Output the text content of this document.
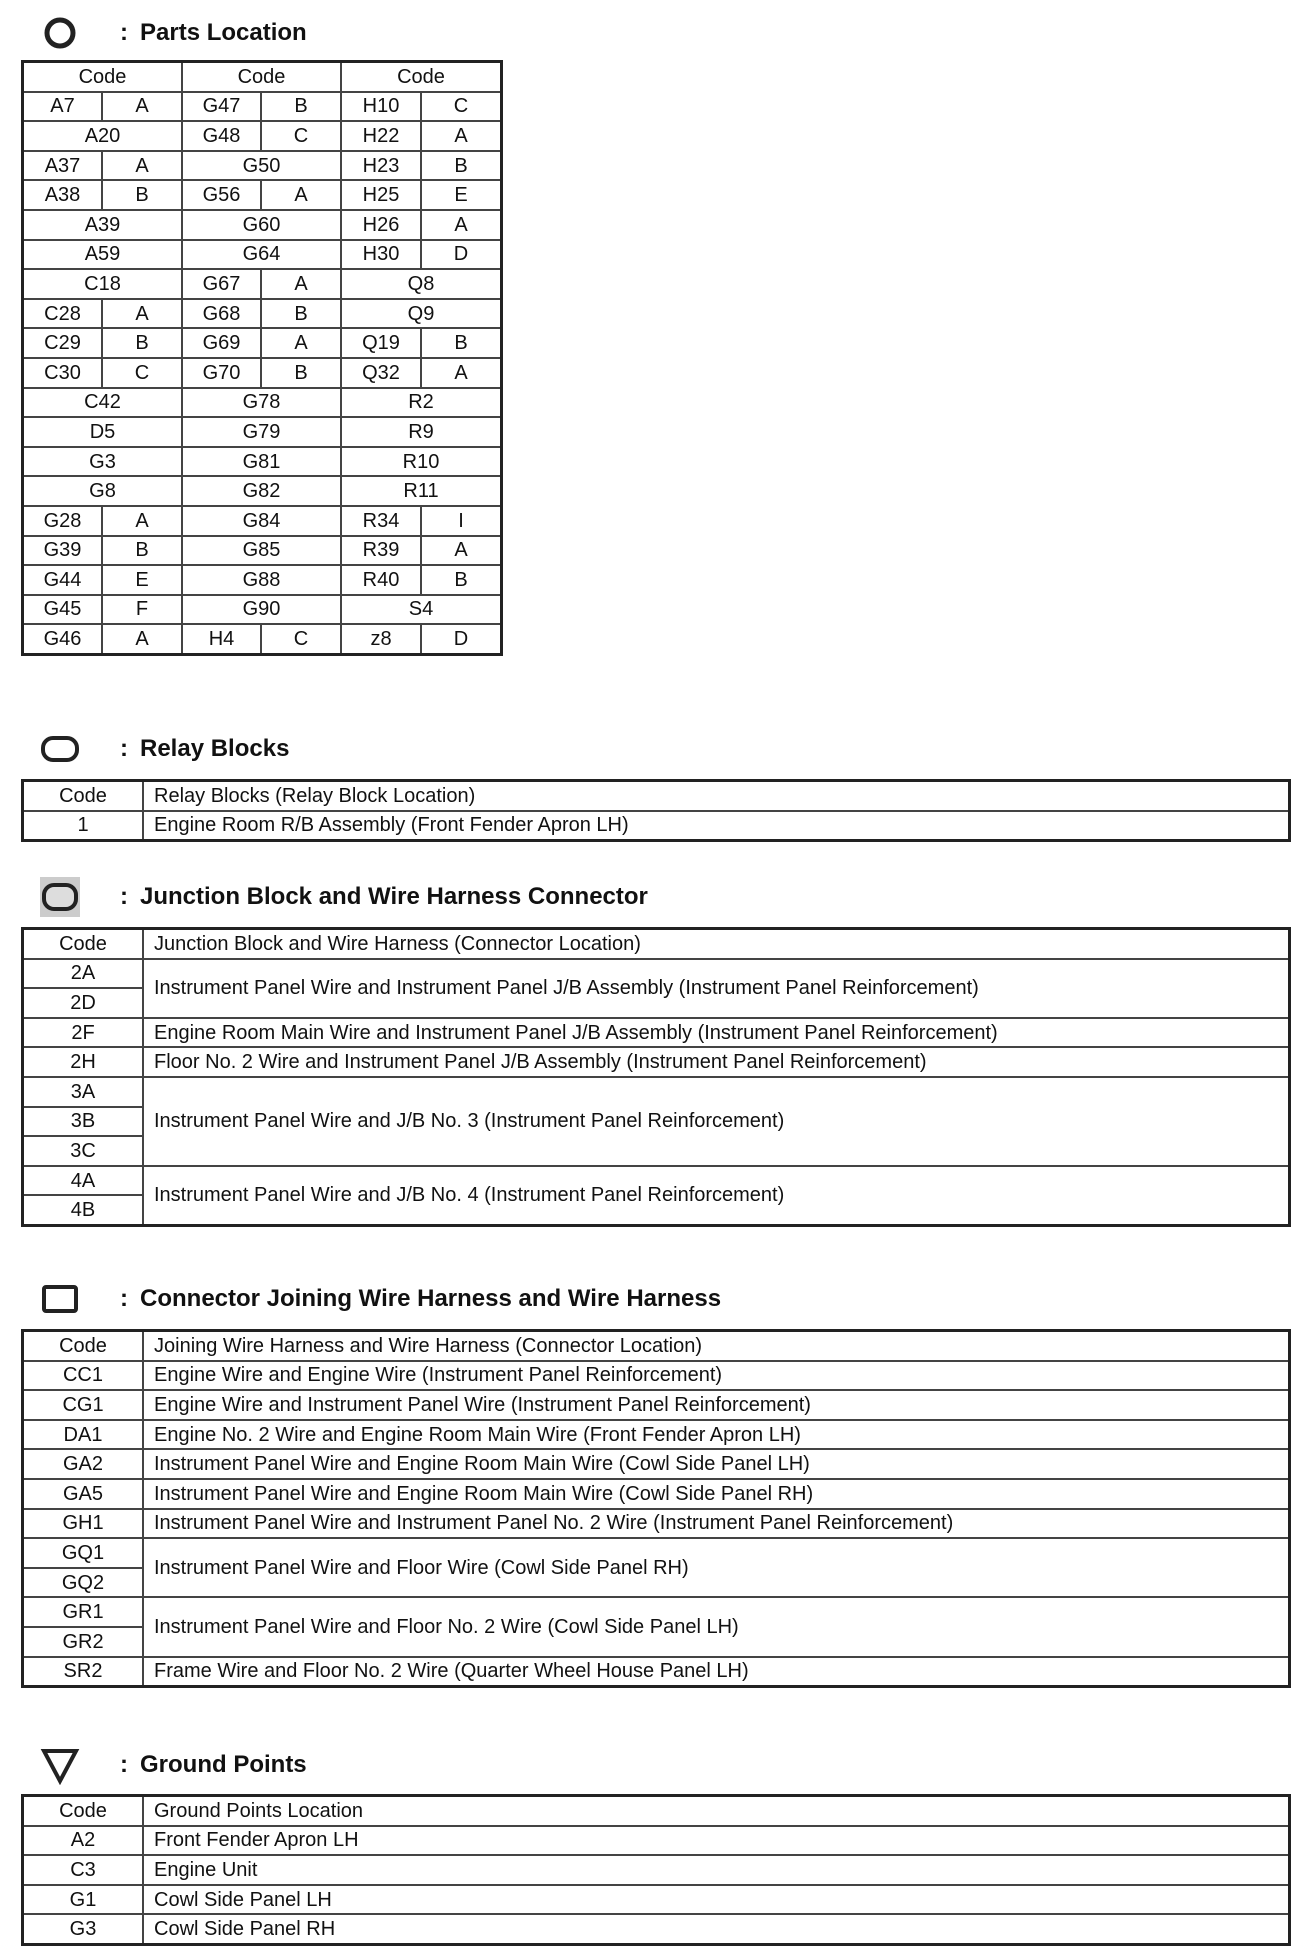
: Parts Location
Code		Code		Code	
A7	A	G47	B	H10	C
A20		G48	C	H22	A
A37	A	G50		H23	B
A38	B	G56	A	H25	E
A39		G60		H26	A
A59		G64		H30	D
C18		G67	A	Q8	
C28	A	G68	B	Q9	
C29	B	G69	A	Q19	B
C30	C	G70	B	Q32	A
C42		G78		R2	
D5		G79		R9	
G3		G81		R10	
G8		G82		R11	
G28	A	G84		R34	I
G39	B	G85		R39	A
G44	E	G88		R40	B
G45	F	G90		S4	
G46	A	H4	C	z8	D
: Relay Blocks
Code	Relay Blocks (Relay Block Location)
1	Engine Room R/B Assembly (Front Fender Apron LH)
: Junction Block and Wire Harness Connector
Code	Junction Block and Wire Harness (Connector Location)
2A	Instrument Panel Wire and Instrument Panel J/B Assembly (Instrument Panel Reinforcement)
2D	
2F	Engine Room Main Wire and Instrument Panel J/B Assembly (Instrument Panel Reinforcement)
2H	Floor No. 2 Wire and Instrument Panel J/B Assembly (Instrument Panel Reinforcement)
3A	Instrument Panel Wire and J/B No. 3 (Instrument Panel Reinforcement)
3B	
3C	
4A	Instrument Panel Wire and J/B No. 4 (Instrument Panel Reinforcement)
4B	
: Connector Joining Wire Harness and Wire Harness
Code	Joining Wire Harness and Wire Harness (Connector Location)
CC1	Engine Wire and Engine Wire (Instrument Panel Reinforcement)
CG1	Engine Wire and Instrument Panel Wire (Instrument Panel Reinforcement)
DA1	Engine No. 2 Wire and Engine Room Main Wire (Front Fender Apron LH)
GA2	Instrument Panel Wire and Engine Room Main Wire (Cowl Side Panel LH)
GA5	Instrument Panel Wire and Engine Room Main Wire (Cowl Side Panel RH)
GH1	Instrument Panel Wire and Instrument Panel No. 2 Wire (Instrument Panel Reinforcement)
GQ1	Instrument Panel Wire and Floor Wire (Cowl Side Panel RH)
GQ2	
GR1	Instrument Panel Wire and Floor No. 2 Wire (Cowl Side Panel LH)
GR2	
SR2	Frame Wire and Floor No. 2 Wire (Quarter Wheel House Panel LH)
: Ground Points
Code	Ground Points Location
A2	Front Fender Apron LH
C3	Engine Unit
G1	Cowl Side Panel LH
G3	Cowl Side Panel RH
